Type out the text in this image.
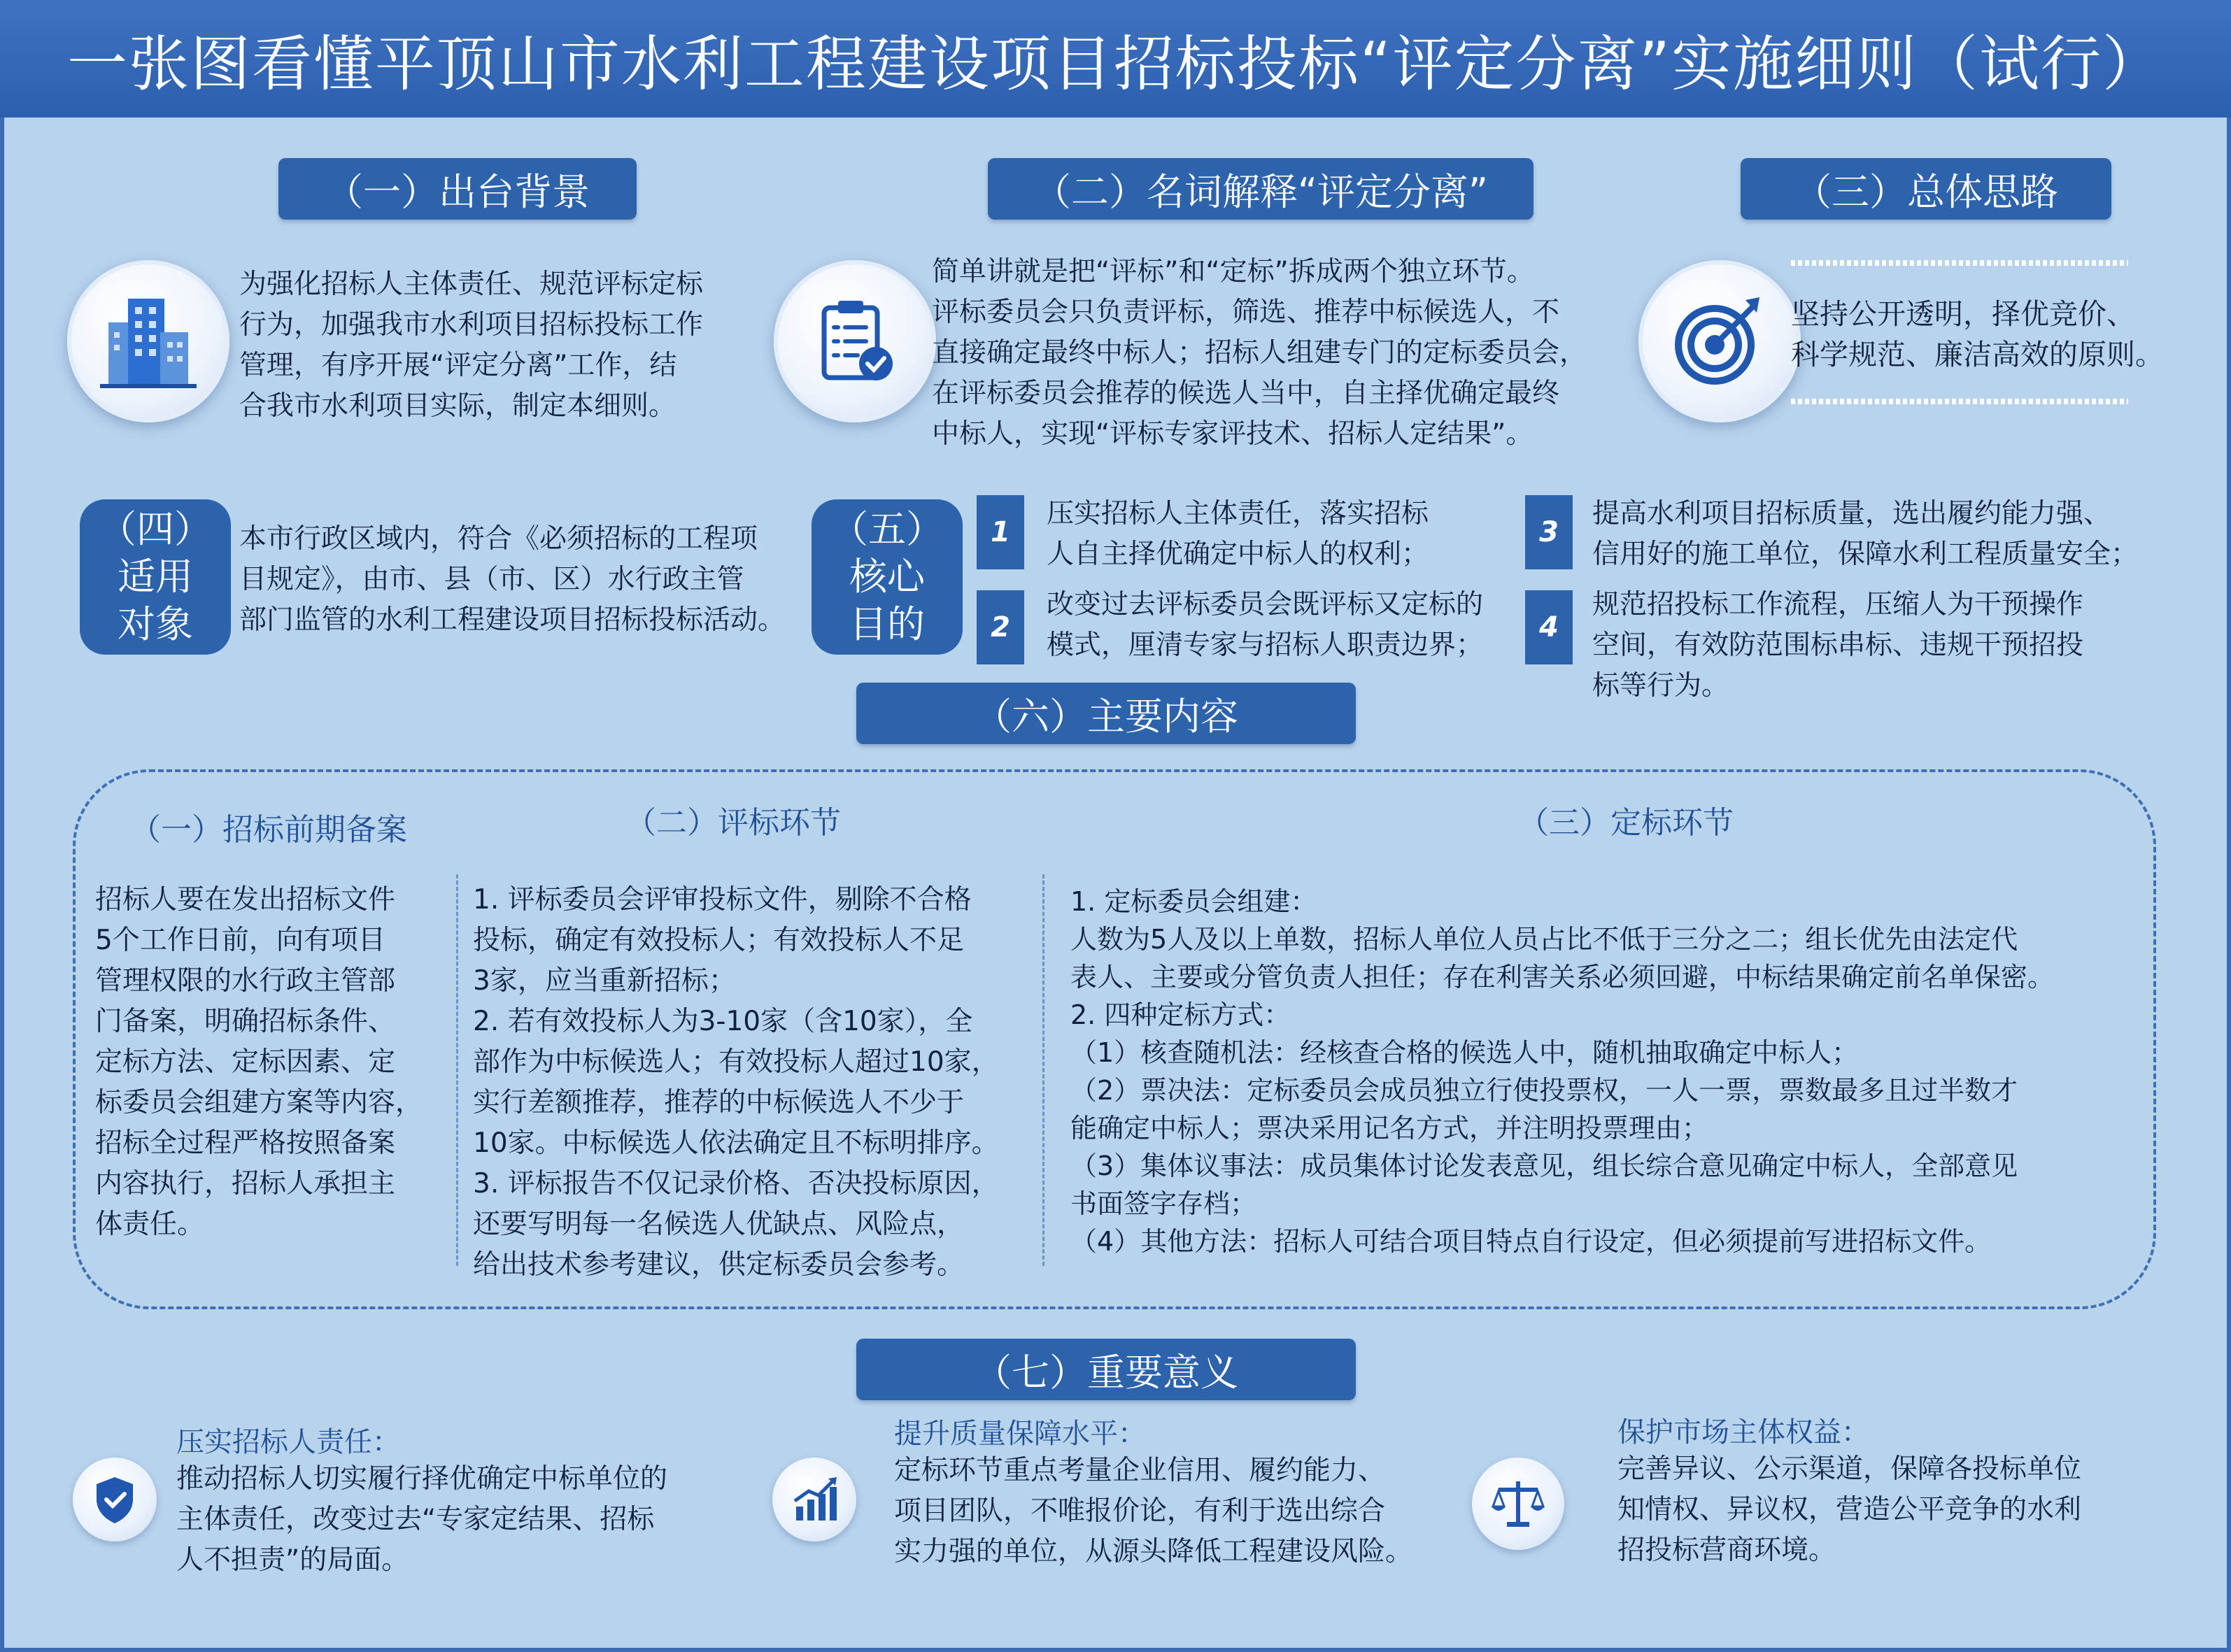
一张图看懂平顶山市水利工程建设项目招标投标“评定分离”实施细则（试行）
（一）出台背景	（二）名词解释“评定分离”	（三）总体思路
为强化招标人主体责任、规范评标定标
行为，加强我市水利项目招标投标工作
管理，有序开展“评定分离”工作，结
合我市水利项目实际，制定本细则。
简单讲就是把“评标”和“定标”拆成两个独立环节。
评标委员会只负责评标，筛选、推荐中标候选人，不
直接确定最终中标人；招标人组建专门的定标委员会，
在评标委员会推荐的候选人当中，自主择优确定最终
中标人，实现“评标专家评技术、招标人定结果”。
坚持公开透明，择优竞价、
科学规范、廉洁高效的原则。
（四）
适用
对象
本市行政区域内，符合《必须招标的工程项
目规定》，由市、县（市、区）水行政主管
部门监管的水利工程建设项目招标投标活动。
（五）
核心
目的
1
压实招标人主体责任，落实招标
人自主择优确定中标人的权利；
2
改变过去评标委员会既评标又定标的
模式，厘清专家与招标人职责边界；
3
提高水利项目招标质量，选出履约能力强、
信用好的施工单位，保障水利工程质量安全；
4
规范招投标工作流程，压缩人为干预操作
空间，有效防范围标串标、违规干预招投
标等行为。
（六）主要内容
（一）招标前期备案	（二）评标环节	（三）定标环节
招标人要在发出招标文件
5个工作日前，向有项目
管理权限的水行政主管部
门备案，明确招标条件、
定标方法、定标因素、定
标委员会组建方案等内容，
招标全过程严格按照备案
内容执行，招标人承担主
体责任。
1. 评标委员会评审投标文件，剔除不合格
投标，确定有效投标人；有效投标人不足
3家，应当重新招标；
2. 若有效投标人为3-10家（含10家），全
部作为中标候选人；有效投标人超过10家，
实行差额推荐，推荐的中标候选人不少于
10家。中标候选人依法确定且不标明排序。
3. 评标报告不仅记录价格、否决投标原因，
还要写明每一名候选人优缺点、风险点，
给出技术参考建议，供定标委员会参考。
1. 定标委员会组建：
人数为5人及以上单数，招标人单位人员占比不低于三分之二；组长优先由法定代
表人、主要或分管负责人担任；存在利害关系必须回避，中标结果确定前名单保密。
2. 四种定标方式：
（1）核查随机法：经核查合格的候选人中，随机抽取确定中标人；
（2）票决法：定标委员会成员独立行使投票权，一人一票，票数最多且过半数才
能确定中标人；票决采用记名方式，并注明投票理由；
（3）集体议事法：成员集体讨论发表意见，组长综合意见确定中标人，全部意见
书面签字存档；
（4）其他方法：招标人可结合项目特点自行设定，但必须提前写进招标文件。
（七）重要意义
压实招标人责任：
推动招标人切实履行择优确定中标单位的
主体责任，改变过去“专家定结果、招标
人不担责”的局面。
提升质量保障水平：
定标环节重点考量企业信用、履约能力、
项目团队，不唯报价论，有利于选出综合
实力强的单位，从源头降低工程建设风险。
保护市场主体权益：
完善异议、公示渠道，保障各投标单位
知情权、异议权，营造公平竞争的水利
招投标营商环境。
